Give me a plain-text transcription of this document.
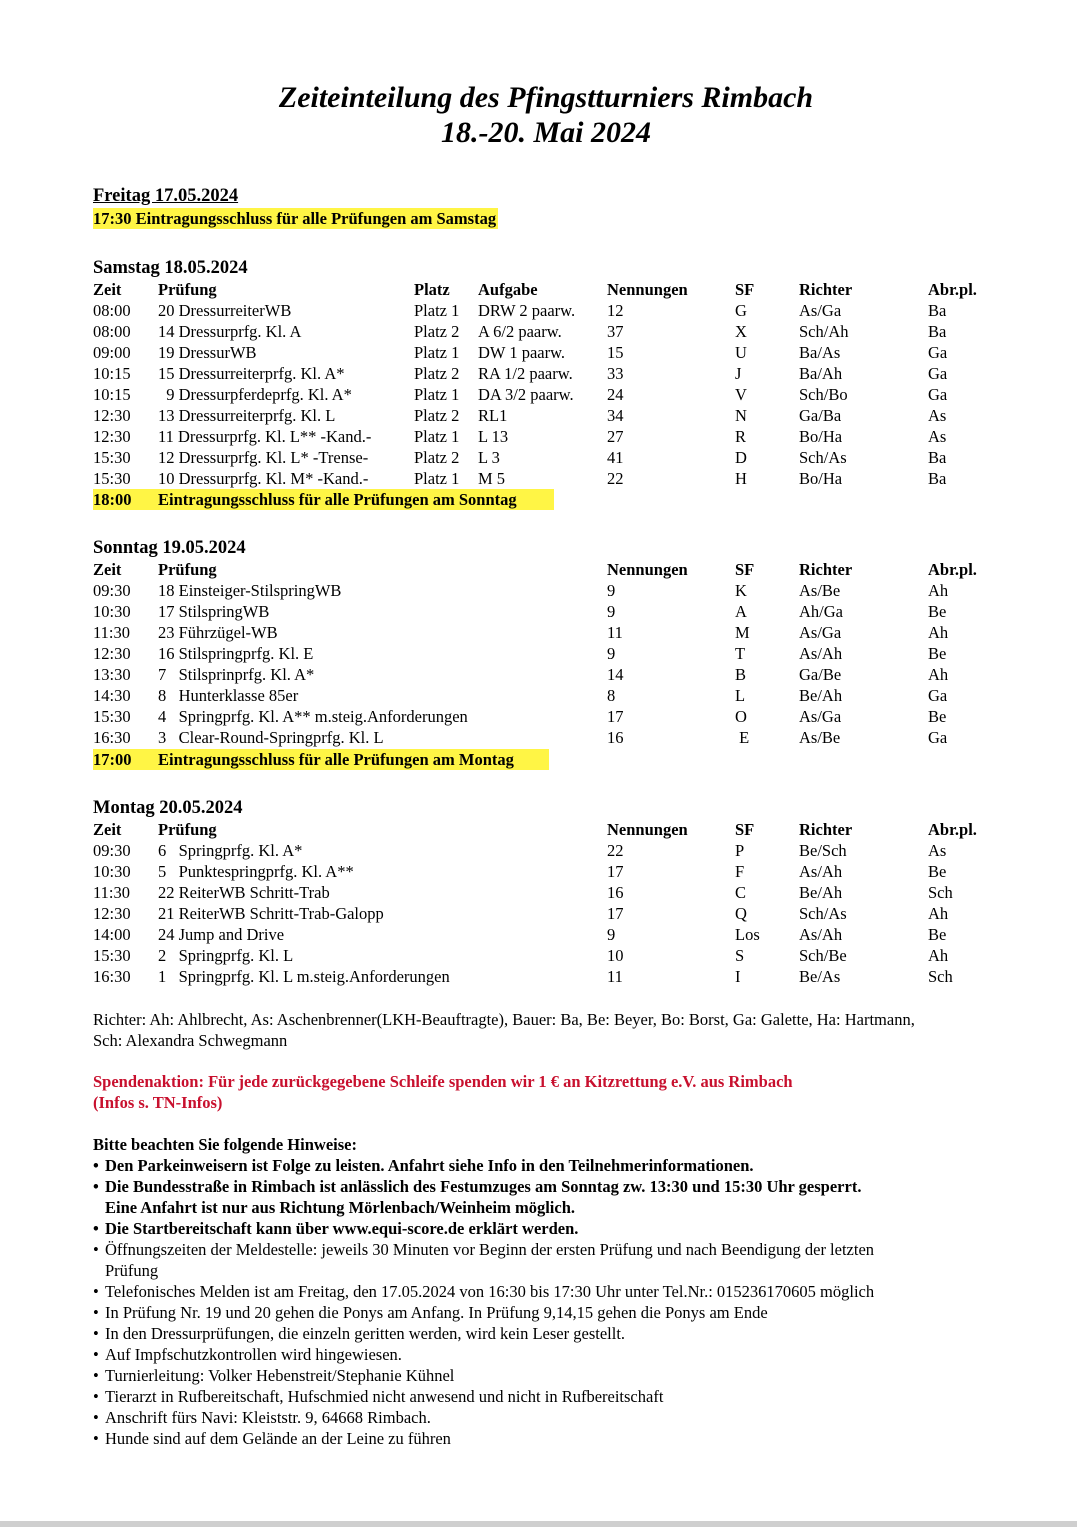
Zeiteinteilung des Pfingstturniers Rimbach
18.-20. Mai 2024
Freitag 17.05.2024
17:30 Eintragungsschluss für alle Prüfungen am Samstag
Samstag 18.05.2024
Zeit Prüfung	Platz Aufgabe	Nennungen	SF	Richter	Abr.pl.
08:00 20 DressurreiterWB	Platz 1 DRW 2 paarw. 12	G	As/Ga	Ba
08:00 14 Dressurprfg. Kl. A	Platz 2 A 6/2 paarw.	37	X	Sch/Ah	Ba
09:00 19 DressurWB	Platz 1 DW 1 paarw.	15	U	Ba/As	Ga
10:15 15 Dressurreiterprfg. Kl. A*	Platz 2 RA 1/2 paarw. 33	J	Ba/Ah	Ga
10:15 9 Dressurpferdeprfg. Kl. A*	Platz 1 DA 3/2 paarw. 24	V	Sch/Bo	Ga
12:30 13 Dressurreiterprfg. Kl. L	Platz 2 RL1	34	N	Ga/Ba	As
12:30 11 Dressurprfg. Kl. L** -Kand.-	Platz 1 L 13	27	R	Bo/Ha	As
15:30 12 Dressurprfg. Kl. L* -Trense-	Platz 2 L 3	41	D	Sch/As	Ba
15:30 10 Dressurprfg. Kl. M* -Kand.-	Platz 1 M 5	22	H	Bo/Ha	Ba
18:00 Eintragungsschluss für alle Prüfungen am Sonntag
Sonntag 19.05.2024
Zeit Prüfung	Nennungen	SF	Richter	Abr.pl.
09:30 18 Einsteiger-StilspringWB	9	K	As/Be	Ah
10:30 17 StilspringWB	9	A	Ah/Ga	Be
11:30 23 Führzügel-WB	11	M	As/Ga	Ah
12:30 16 Stilspringprfg. Kl. E	9	T	As/Ah	Be
13:30 7   Stilsprinprfg. Kl. A*	14	B	Ga/Be	Ah
14:30 8   Hunterklasse 85er	8	L	Be/Ah	Ga
15:30 4   Springprfg. Kl. A** m.steig.Anforderungen	17	O	As/Ga	Be
16:30 3   Clear-Round-Springprfg. Kl. L	16	E	As/Be	Ga
17:00 Eintragungsschluss für alle Prüfungen am Montag
Montag 20.05.2024
Zeit Prüfung	Nennungen	SF	Richter	Abr.pl.
09:30 6   Springprfg. Kl. A*	22	P	Be/Sch	As
10:30 5   Punktespringprfg. Kl. A**	17	F	As/Ah	Be
11:30 22 ReiterWB Schritt-Trab	16	C	Be/Ah	Sch
12:30 21 ReiterWB Schritt-Trab-Galopp	17	Q	Sch/As	Ah
14:00 24 Jump and Drive	9	Los As/Ah	Be
15:30 2   Springprfg. Kl. L	10	S	Sch/Be	Ah
16:30 1   Springprfg. Kl. L m.steig.Anforderungen	11	I	Be/As	Sch
Richter: Ah: Ahlbrecht, As: Aschenbrenner(LKH-Beauftragte), Bauer: Ba, Be: Beyer, Bo: Borst, Ga: Galette, Ha: Hartmann,
Sch: Alexandra Schwegmann
Spendenaktion: Für jede zurückgegebene Schleife spenden wir 1 € an Kitzrettung e.V. aus Rimbach
(Infos s. TN-Infos)
Bitte beachten Sie folgende Hinweise:
• Den Parkeinweisern ist Folge zu leisten. Anfahrt siehe Info in den Teilnehmerinformationen.
• Die Bundesstraße in Rimbach ist anlässlich des Festumzuges am Sonntag zw. 13:30 und 15:30 Uhr gesperrt. Eine Anfahrt ist nur aus Richtung Mörlenbach/Weinheim möglich.
• Die Startbereitschaft kann über www.equi-score.de erklärt werden.
• Öffnungszeiten der Meldestelle: jeweils 30 Minuten vor Beginn der ersten Prüfung und nach Beendigung der letzten Prüfung
• Telefonisches Melden ist am Freitag, den 17.05.2024 von 16:30 bis 17:30 Uhr unter Tel.Nr.: 015236170605 möglich
• In Prüfung Nr. 19 und 20 gehen die Ponys am Anfang. In Prüfung 9,14,15 gehen die Ponys am Ende
• In den Dressurprüfungen, die einzeln geritten werden, wird kein Leser gestellt.
• Auf Impfschutzkontrollen wird hingewiesen.
• Turnierleitung: Volker Hebenstreit/Stephanie Kühnel
• Tierarzt in Rufbereitschaft, Hufschmied nicht anwesend und nicht in Rufbereitschaft
• Anschrift fürs Navi: Kleiststr. 9, 64668 Rimbach.
• Hunde sind auf dem Gelände an der Leine zu führen
